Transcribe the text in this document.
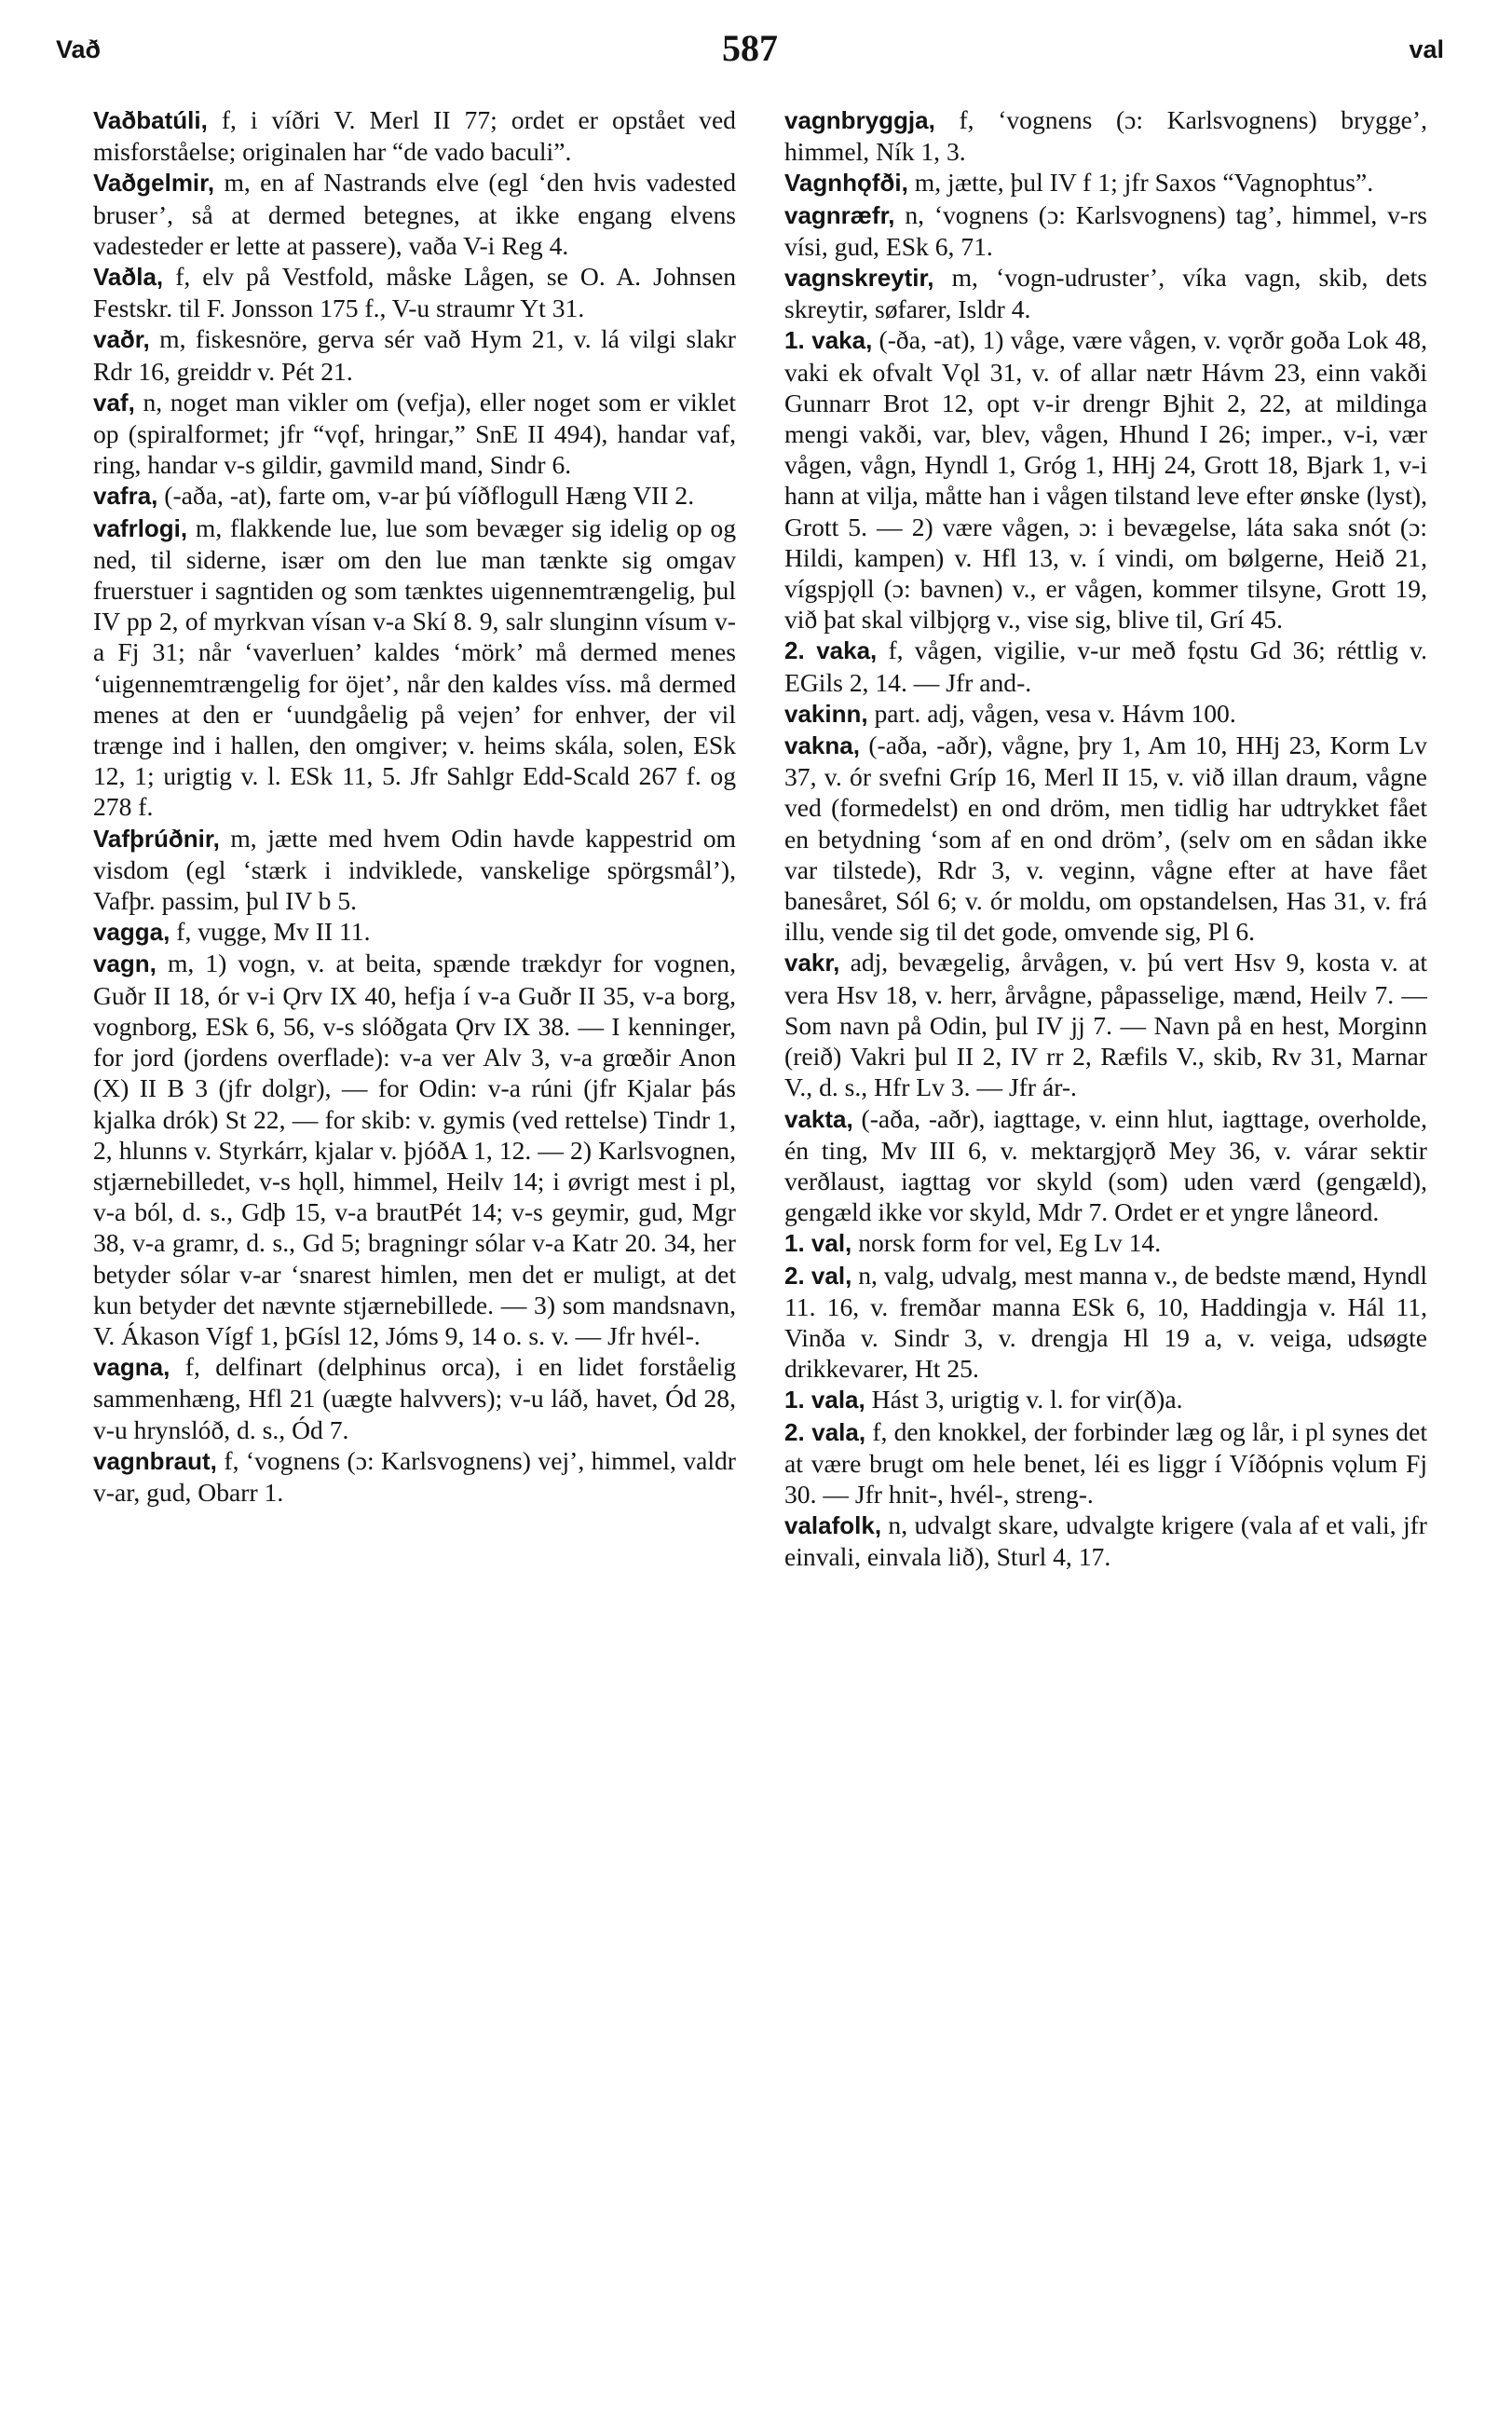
Vað	587	val

Vaðbatúli, f, i víðri V. Merl II 77; ordet er opstået ved misforståelse; originalen har “de vado baculi”.

Vaðgelmir, m, en af Nastrands elve (egl ‘den hvis vadested bruser’, så at dermed betegnes, at ikke engang elvens vadesteder er lette at passere), vaða V-i Reg 4.

Vaðla, f, elv på Vestfold, måske Lågen, se O. A. Johnsen Festskr. til F. Jonsson 175 f., V-u straumr Yt 31.

vaðr, m, fiskesnöre, gerva sér vað Hym 21, v. lá vilgi slakr Rdr 16, greiddr v. Pét 21.

vaf, n, noget man vikler om (vefja), eller noget som er viklet op (spiralformet; jfr “vǫf, hringar,” SnE II 494), handar vaf, ring, handar v-s gildir, gavmild mand, Sindr 6.

vafra, (-aða, -at), farte om, v-ar þú víðflogull Hæng VII 2.

vafrlogi, m, flakkende lue, lue som bevæger sig idelig op og ned, til siderne, især om den lue man tænkte sig omgav fruerstuer i sagntiden og som tænktes uigennemtrængelig, þul IV pp 2, of myrkvan vísan v-a Skí 8. 9, salr slunginn vísum v-a Fj 31; når ‘vaverluen’ kaldes ‘mörk’ må dermed menes ‘uigennemtrængelig for öjet’, når den kaldes víss. må dermed menes at den er ‘uundgåelig på vejen’ for enhver, der vil trænge ind i hallen, den omgiver; v. heims skála, solen, ESk 12, 1; urigtig v. l. ESk 11, 5. Jfr Sahlgr Edd-Scald 267 f. og 278 f.

Vafþrúðnir, m, jætte med hvem Odin havde kappestrid om visdom (egl ‘stærk i indviklede, vanskelige spörgsmål’), Vafþr. passim, þul IV b 5.

vagga, f, vugge, Mv II 11.

vagn, m, 1) vogn, v. at beita, spænde trækdyr for vognen, Guðr II 18, ór v-i Ǫrv IX 40, hefja í v-a Guðr II 35, v-a borg, vognborg, ESk 6, 56, v-s slóðgata Ǫrv IX 38. — I kenninger, for jord (jordens overflade): v-a ver Alv 3, v-a grœðir Anon (X) II B 3 (jfr dolgr), — for Odin: v-a rúni (jfr Kjalar þás kjalka drók) St 22, — for skib: v. gymis (ved rettelse) Tindr 1, 2, hlunns v. Styrkárr, kjalar v. þjóðA 1, 12. — 2) Karlsvognen, stjærnebilledet, v-s hǫll, himmel, Heilv 14; i øvrigt mest i pl, v-a ból, d. s., Gdþ 15, v-a brautPét 14; v-s geymir, gud, Mgr 38, v-a gramr, d. s., Gd 5; bragningr sólar v-a Katr 20. 34, her betyder sólar v-ar ‘snarest himlen, men det er muligt, at det kun betyder det nævnte stjærnebillede. — 3) som mandsnavn, V. Ákason Vígf 1, þGísl 12, Jóms 9, 14 o. s. v. — Jfr hvél-.

vagna, f, delfinart (delphinus orca), i en lidet forståelig sammenhæng, Hfl 21 (uægte halvvers); v-u láð, havet, Ód 28, v-u hrynslóð, d. s., Ód 7.

vagnbraut, f, ‘vognens (ɔ: Karlsvognens) vej’, himmel, valdr v-ar, gud, Obarr 1.

vagnbryggja, f, ‘vognens (ɔ: Karlsvognens) brygge’, himmel, Ník 1, 3.

Vagnhǫfði, m, jætte, þul IV f 1; jfr Saxos “Vagnophtus”.

vagnræfr, n, ‘vognens (ɔ: Karlsvognens) tag’, himmel, v-rs vísi, gud, ESk 6, 71.

vagnskreytir, m, ‘vogn-udruster’, víka vagn, skib, dets skreytir, søfarer, Isldr 4.

1. vaka, (-ða, -at), 1) våge, være vågen, v. vǫrðr goða Lok 48, vaki ek ofvalt Vǫl 31, v. of allar nætr Hávm 23, einn vakði Gunnarr Brot 12, opt v-ir drengr Bjhit 2, 22, at mildinga mengi vakði, var, blev, vågen, Hhund I 26; imper., v-i, vær vågen, vågn, Hyndl 1, Gróg 1, HHj 24, Grott 18, Bjark 1, v-i hann at vilja, måtte han i vågen tilstand leve efter ønske (lyst), Grott 5. — 2) være vågen, ɔ: i bevægelse, láta saka snót (ɔ: Hildi, kampen) v. Hfl 13, v. í vindi, om bølgerne, Heið 21, vígspjǫll (ɔ: bavnen) v., er vågen, kommer tilsyne, Grott 19, við þat skal vilbjǫrg v., vise sig, blive til, Grí 45.

2. vaka, f, vågen, vigilie, v-ur með fǫstu Gd 36; réttlig v. EGils 2, 14. — Jfr and-.

vakinn, part. adj, vågen, vesa v. Hávm 100.

vakna, (-aða, -aðr), vågne, þry 1, Am 10, HHj 23, Korm Lv 37, v. ór svefni Gríp 16, Merl II 15, v. við illan draum, vågne ved (formedelst) en ond dröm, men tidlig har udtrykket fået en betydning ‘som af en ond dröm’, (selv om en sådan ikke var tilstede), Rdr 3, v. veginn, vågne efter at have fået banesåret, Sól 6; v. ór moldu, om opstandelsen, Has 31, v. frá illu, vende sig til det gode, omvende sig, Pl 6.

vakr, adj, bevægelig, årvågen, v. þú vert Hsv 9, kosta v. at vera Hsv 18, v. herr, årvågne, påpasselige, mænd, Heilv 7. — Som navn på Odin, þul IV jj 7. — Navn på en hest, Morginn (reið) Vakri þul II 2, IV rr 2, Ræfils V., skib, Rv 31, Marnar V., d. s., Hfr Lv 3. — Jfr ár-.

vakta, (-aða, -aðr), iagttage, v. einn hlut, iagttage, overholde, én ting, Mv III 6, v. mektargjǫrð Mey 36, v. várar sektir verðlaust, iagttag vor skyld (som) uden værd (gengæld), gengæld ikke vor skyld, Mdr 7. Ordet er et yngre låneord.

1. val, norsk form for vel, Eg Lv 14.

2. val, n, valg, udvalg, mest manna v., de bedste mænd, Hyndl 11. 16, v. fremðar manna ESk 6, 10, Haddingja v. Hál 11, Vinða v. Sindr 3, v. drengja Hl 19 a, v. veiga, udsøgte drikkevarer, Ht 25.

1. vala, Hást 3, urigtig v. l. for vir(ð)a.

2. vala, f, den knokkel, der forbinder læg og lår, i pl synes det at være brugt om hele benet, léi es liggr í Víðópnis vǫlum Fj 30. — Jfr hnit-, hvél-, streng-.

valafolk, n, udvalgt skare, udvalgte krigere (vala af et vali, jfr einvali, einvala lið), Sturl 4, 17.
